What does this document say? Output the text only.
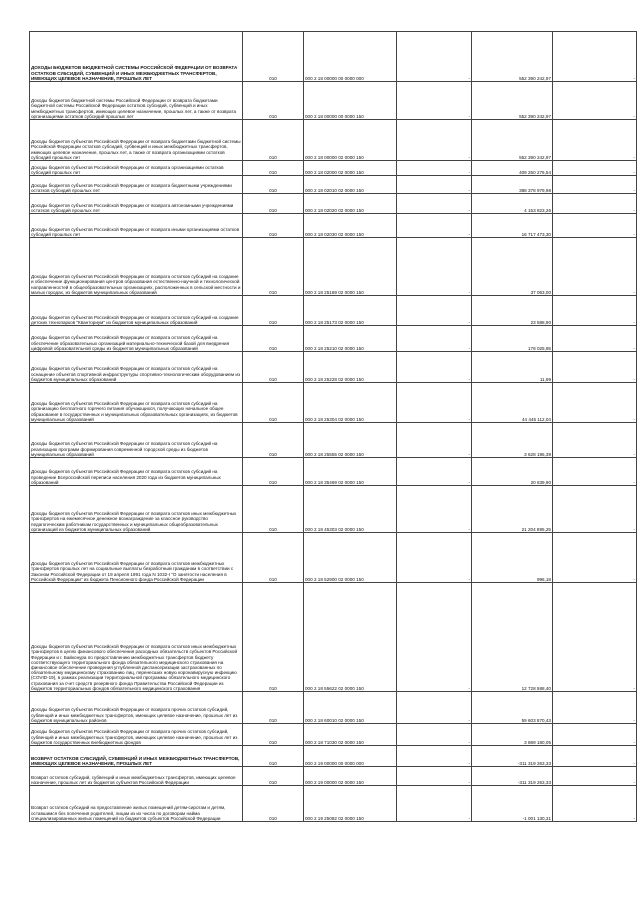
ДОХОДЫ БЮДЖЕТОВ БЮДЖЕТНОЙ СИСТЕМЫ РОССИЙСКОЙ ФЕДЕРАЦИИ ОТ ВОЗВРАТА ОСТАТКОВ СУБСИДИЙ, СУБВЕНЦИЙ И ИНЫХ МЕЖБЮДЖЕТНЫХ ТРАНСФЕРТОВ, ИМЕЮЩИХ ЦЕЛЕВОЕ НАЗНАЧЕНИЕ, ПРОШЛЫХ ЛЕТ	010	000 2 18 00000 00 0000 000	-	552 390 242,97	-
Доходы бюджетов бюджетной системы Российской Федерации от возврата бюджетами бюджетной системы Российской Федерации остатков субсидий, субвенций и иных межбюджетных трансфертов, имеющих целевое назначение, прошлых лет, а также от возврата организациями остатков субсидий прошлых лет	010	000 2 18 00000 00 0000 150	-	552 390 242,97	-
Доходы бюджетов субъектов Российской Федерации от возврата бюджетами бюджетной системы Российской Федерации остатков субсидий, субвенций и иных межбюджетных трансфертов, имеющих целевое назначение, прошлых лет, а также от возврата организациями остатков субсидий прошлых лет	010	000 2 18 00000 02 0000 150	-	552 390 242,97	-
Доходы бюджетов субъектов Российской Федерации от возврата организациями остатков субсидий прошлых лет	010	000 2 18 02000 02 0000 150	-	409 250 276,54	-
Доходы бюджетов субъектов Российской Федерации от возврата бюджетными учреждениями остатков субсидий прошлых лет	010	000 2 18 02010 02 0000 150	-	388 378 979,98	-
Доходы бюджетов субъектов Российской Федерации от возврата автономными учреждениями остатков субсидий прошлых лет	010	000 2 18 02020 02 0000 150	-	4 153 823,26	-
Доходы бюджетов субъектов Российской Федерации от возврата иными организациями остатков субсидий прошлых лет	010	000 2 18 02030 02 0000 150	-	16 717 473,30	-
Доходы бюджетов субъектов Российской Федерации от возврата остатков субсидий на создание и обеспечение функционирования центров образования естественно-научной и технологической направленностей в общеобразовательных организациях, расположенных в сельской местности и малых городах, из бюджетов муниципальных образований	010	000 2 18 25169 02 0000 150	-	37 063,00	-
Доходы бюджетов субъектов Российской Федерации от возврата остатков субсидий на создание детских технопарков "Кванториум" из бюджетов муниципальных образований	010	000 2 18 25173 02 0000 150	-	23 588,90	-
Доходы бюджетов субъектов Российской Федерации от возврата остатков субсидий на обеспечение образовательных организаций материально-технической базой для внедрения цифровой образовательной среды из бюджетов муниципальных образований	010	000 2 18 25210 02 0000 150	-	178 025,95	-
Доходы бюджетов субъектов Российской Федерации от возврата остатков субсидий на оснащение объектов спортивной инфраструктуры спортивно-технологическим оборудованием из бюджетов муниципальных образований	010	000 2 18 25228 02 0000 150	-	11,99	-
Доходы бюджетов субъектов Российской Федерации от возврата остатков субсидий на организацию бесплатного горячего питания обучающихся, получающих начальное общее образование в государственных и муниципальных образовательных организациях, из бюджетов муниципальных образований	010	000 2 18 25304 02 0000 150	-	44 445 112,04	-
Доходы бюджетов субъектов Российской Федерации от возврата остатков субсидий на реализацию программ формирования современной городской среды из бюджетов муниципальных образований	010	000 2 18 25555 02 0000 150	-	3 628 195,39	-
Доходы бюджетов субъектов Российской Федерации от возврата остатков субсидий на проведение Всероссийской переписи населения 2020 года из бюджетов муниципальных образований	010	000 2 18 35469 02 0000 150	-	20 639,90	-
Доходы бюджетов субъектов Российской Федерации от возврата остатков иных межбюджетных трансфертов на ежемесячное денежное вознаграждение за классное руководство педагогическим работникам государственных и муниципальных общеобразовательных организаций из бюджетов муниципальных образований	010	000 2 18 45303 02 0000 150	-	21 204 895,25	-
Доходы бюджетов субъектов Российской Федерации от возврата остатков межбюджетных трансфертов прошлых лет на социальные выплаты безработным гражданам в соответствии с Законом Российской Федерации от 19 апреля 1991 года N 1032-I "О занятости населения в Российской Федерации" из бюджета Пенсионного фонда Российской Федерации	010	000 2 18 52900 02 0000 150	-	996,18	-
Доходы бюджетов субъектов Российской Федерации от возврата остатков иных межбюджетных трансфертов в целях финансового обеспечения расходных обязательств субъектов Российской Федерации и г. Байконура по предоставлению межбюджетных трансфертов бюджету соответствующего территориального фонда обязательного медицинского страхования на финансовое обеспечение проведения углубленной диспансеризации застрахованных по обязательному медицинскому страхованию лиц, перенесших новую коронавирусную инфекцию (COVID-19), в рамках реализации территориальной программы обязательного медицинского страхования за счет средств резервного фонда Правительства Российской Федерации из бюджетов территориальных фондов обязательного медицинского страхования	010	000 2 18 55622 02 0000 150	-	12 728 588,40	-
Доходы бюджетов субъектов Российской Федерации от возврата прочих остатков субсидий, субвенций и иных межбюджетных трансфертов, имеющих целевое назначение, прошлых лет из бюджетов муниципальных районов	010	000 2 18 60010 02 0000 150	-	59 603 870,43	-
Доходы бюджетов субъектов Российской Федерации от возврата прочих остатков субсидий, субвенций и иных межбюджетных трансфертов, имеющих целевое назначение, прошлых лет из бюджетов государственных внебюджетных фондов	010	000 2 18 71030 02 0000 150	-	3 869 180,05	-
ВОЗВРАТ ОСТАТКОВ СУБСИДИЙ, СУБВЕНЦИЙ И ИНЫХ МЕЖБЮДЖЕТНЫХ ТРАНСФЕРТОВ, ИМЕЮЩИХ ЦЕЛЕВОЕ НАЗНАЧЕНИЕ, ПРОШЛЫХ ЛЕТ	010	000 2 19 00000 00 0000 000	-	-311 319 263,33	-
Возврат остатков субсидий, субвенций и иных межбюджетных трансфертов, имеющих целевое назначение, прошлых лет из бюджетов субъектов Российской Федерации	010	000 2 19 00000 02 0000 150	-	-311 319 263,33	-
Возврат остатков субсидий на предоставление жилых помещений детям-сиротам и детям, оставшимся без попечения родителей, лицам из их числа по договорам найма специализированных жилых помещений из бюджетов субъектов Российской Федерации	010	000 2 19 25082 02 0000 150	-	-1 001 130,31	-
